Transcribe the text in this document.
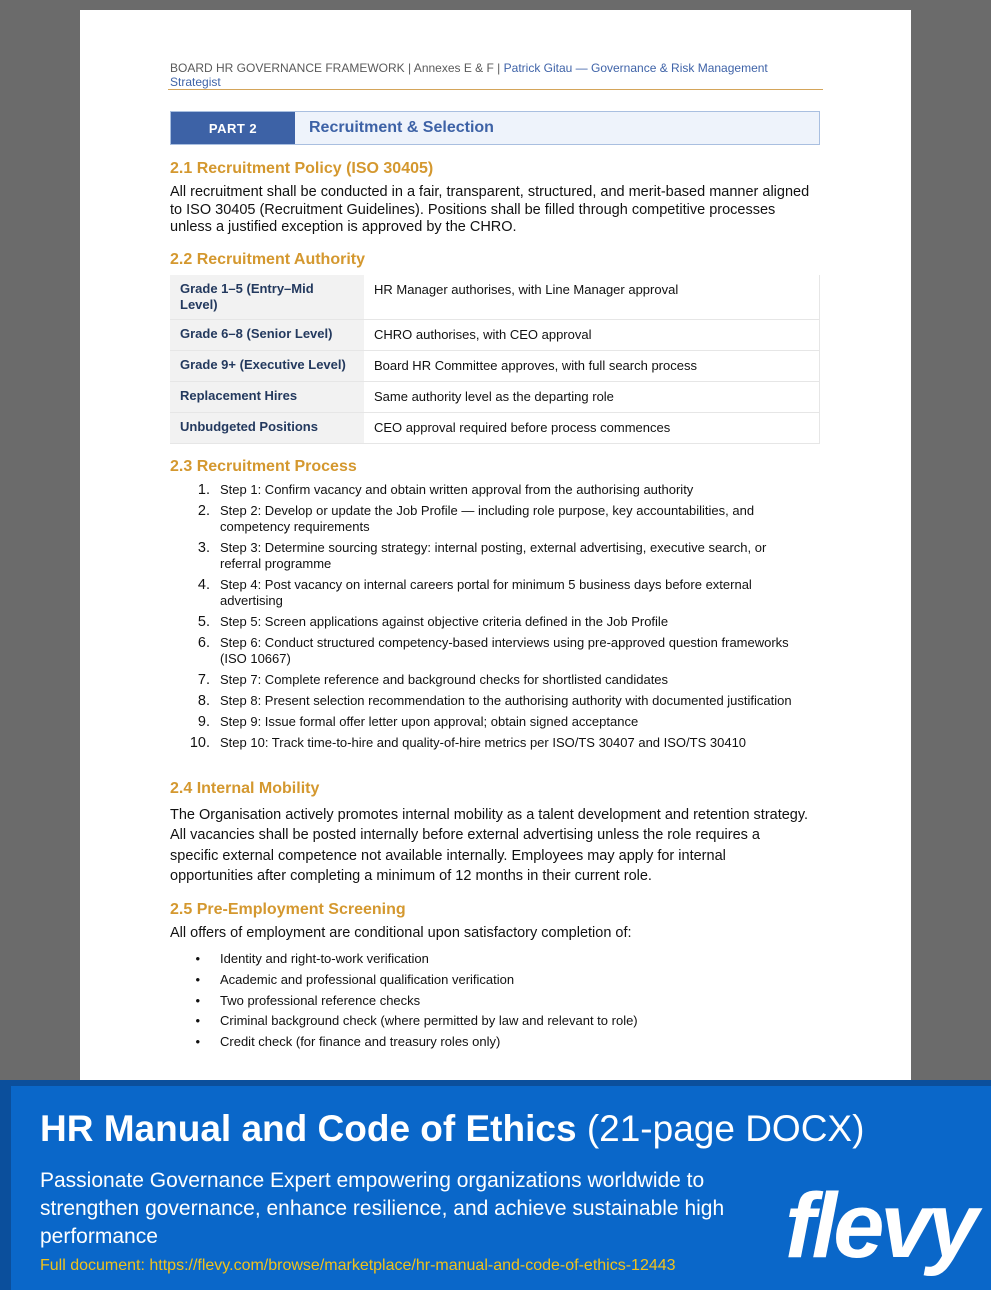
BOARD HR GOVERNANCE FRAMEWORK | Annexes E & F | Patrick Gitau — Governance & Risk Management
Strategist
PART 2	Recruitment & Selection
2.1 Recruitment Policy (ISO 30405)
All recruitment shall be conducted in a fair, transparent, structured, and merit-based manner aligned to ISO 30405 (Recruitment Guidelines). Positions shall be filled through competitive processes unless a justified exception is approved by the CHRO.
2.2 Recruitment Authority
Grade 1–5 (Entry–Mid Level)	HR Manager authorises, with Line Manager approval
Grade 6–8 (Senior Level)	CHRO authorises, with CEO approval
Grade 9+ (Executive Level)	Board HR Committee approves, with full search process
Replacement Hires	Same authority level as the departing role
Unbudgeted Positions	CEO approval required before process commences
2.3 Recruitment Process
1. Step 1: Confirm vacancy and obtain written approval from the authorising authority
2. Step 2: Develop or update the Job Profile — including role purpose, key accountabilities, and competency requirements
3. Step 3: Determine sourcing strategy: internal posting, external advertising, executive search, or referral programme
4. Step 4: Post vacancy on internal careers portal for minimum 5 business days before external advertising
5. Step 5: Screen applications against objective criteria defined in the Job Profile
6. Step 6: Conduct structured competency-based interviews using pre-approved question frameworks (ISO 10667)
7. Step 7: Complete reference and background checks for shortlisted candidates
8. Step 8: Present selection recommendation to the authorising authority with documented justification
9. Step 9: Issue formal offer letter upon approval; obtain signed acceptance
10. Step 10: Track time-to-hire and quality-of-hire metrics per ISO/TS 30407 and ISO/TS 30410
2.4 Internal Mobility
The Organisation actively promotes internal mobility as a talent development and retention strategy. All vacancies shall be posted internally before external advertising unless the role requires a specific external competence not available internally. Employees may apply for internal opportunities after completing a minimum of 12 months in their current role.
2.5 Pre-Employment Screening
All offers of employment are conditional upon satisfactory completion of:
•	Identity and right-to-work verification
•	Academic and professional qualification verification
•	Two professional reference checks
•	Criminal background check (where permitted by law and relevant to role)
•	Credit check (for finance and treasury roles only)
HR Manual and Code of Ethics (21-page DOCX)
Passionate Governance Expert empowering organizations worldwide to strengthen governance, enhance resilience, and achieve sustainable high performance
Full document: https://flevy.com/browse/marketplace/hr-manual-and-code-of-ethics-12443 flevy
